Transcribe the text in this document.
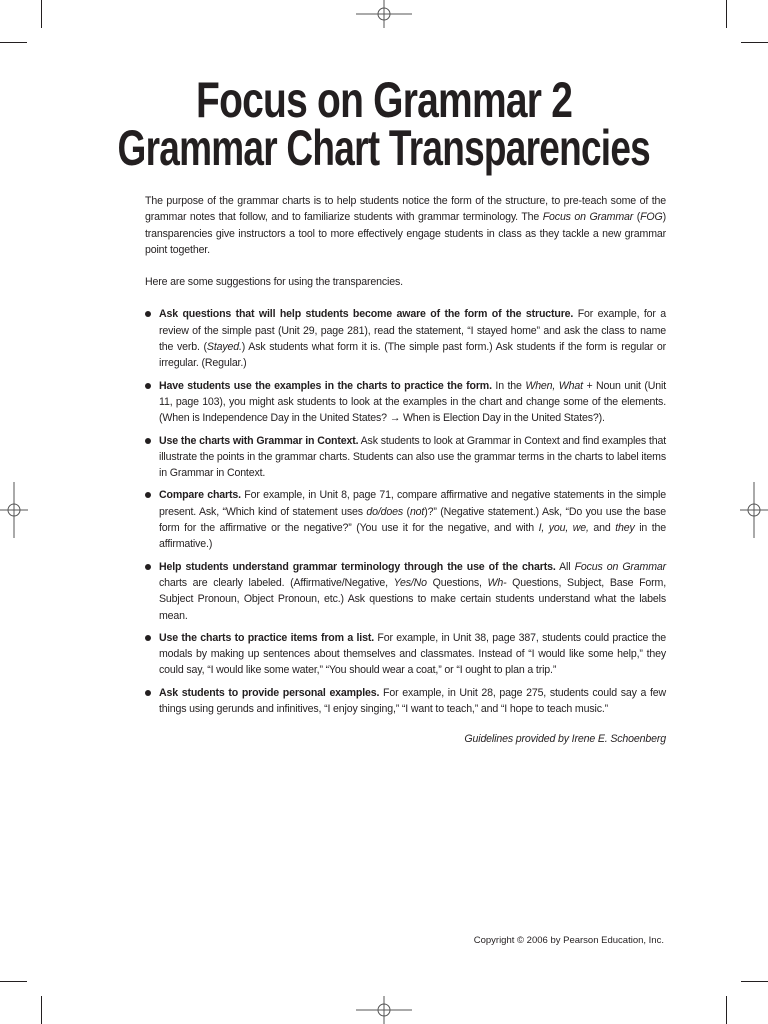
Focus on Grammar 2
Grammar Chart Transparencies

The purpose of the grammar charts is to help students notice the form of the structure, to pre-teach some of the grammar notes that follow, and to familiarize students with grammar terminology. The Focus on Grammar (FOG) transparencies give instructors a tool to more effectively engage students in class as they tackle a new grammar point together.

Here are some suggestions for using the transparencies.

Ask questions that will help students become aware of the form of the structure. For example, for a review of the simple past (Unit 29, page 281), read the statement, “I stayed home” and ask the class to name the verb. (Stayed.) Ask students what form it is. (The simple past form.) Ask students if the form is regular or irregular. (Regular.)
Have students use the examples in the charts to practice the form. In the When, What + Noun unit (Unit 11, page 103), you might ask students to look at the examples in the chart and change some of the elements. (When is Independence Day in the United States? → When is Election Day in the United States?).
Use the charts with Grammar in Context. Ask students to look at Grammar in Context and find examples that illustrate the points in the grammar charts. Students can also use the grammar terms in the charts to label items in Grammar in Context.
Compare charts. For example, in Unit 8, page 71, compare affirmative and negative statements in the simple present. Ask, “Which kind of statement uses do/does (not)?” (Negative statement.) Ask, “Do you use the base form for the affirmative or the negative?” (You use it for the negative, and with I, you, we, and they in the affirmative.)
Help students understand grammar terminology through the use of the charts. All Focus on Grammar charts are clearly labeled. (Affirmative/Negative, Yes/No Questions, Wh- Questions, Subject, Base Form, Subject Pronoun, Object Pronoun, etc.) Ask questions to make certain students understand what the labels mean.
Use the charts to practice items from a list. For example, in Unit 38, page 387, students could practice the modals by making up sentences about themselves and classmates. Instead of “I would like some help,” they could say, “I would like some water,” “You should wear a coat,” or “I ought to plan a trip.”
Ask students to provide personal examples. For example, in Unit 28, page 275, students could say a few things using gerunds and infinitives, “I enjoy singing,” “I want to teach,” and “I hope to teach music.”
Guidelines provided by Irene E. Schoenberg
Copyright © 2006 by Pearson Education, Inc.
